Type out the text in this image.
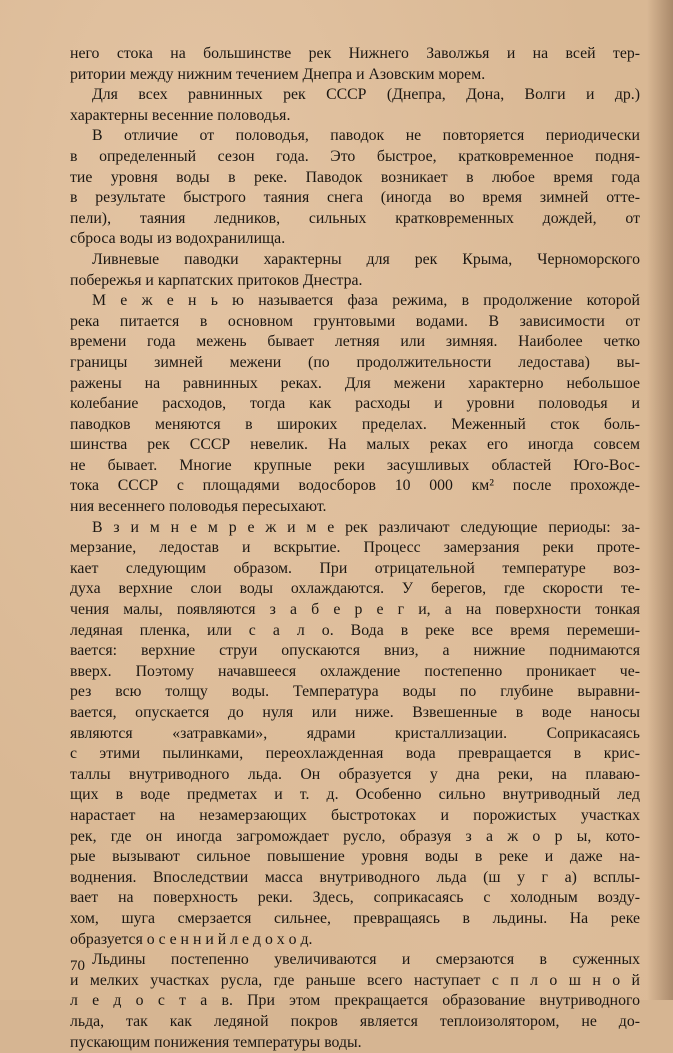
него стока на большинстве рек Нижнего Заволжья и на всей тер-
ритории между нижним течением Днепра и Азовским морем.
Для всех равнинных рек СССР (Днепра, Дона, Волги и др.)
характерны весенние половодья.
В отличие от половодья, паводок не повторяется периодически
в определенный сезон года. Это быстрое, кратковременное подня-
тие уровня воды в реке. Паводок возникает в любое время года
в результате быстрого таяния снега (иногда во время зимней отте-
пели), таяния ледников, сильных кратковременных дождей, от
сброса воды из водохранилища.
Ливневые паводки характерны для рек Крыма, Черноморского
побережья и карпатских притоков Днестра.
М е ж е н ь ю называется фаза режима, в продолжение которой
река питается в основном грунтовыми водами. В зависимости от
времени года межень бывает летняя или зимняя. Наиболее четко
границы зимней межени (по продолжительности ледостава) вы-
ражены на равнинных реках. Для межени характерно небольшое
колебание расходов, тогда как расходы и уровни половодья и
паводков меняются в широких пределах. Меженный сток боль-
шинства рек СССР невелик. На малых реках его иногда совсем
не бывает. Многие крупные реки засушливых областей Юго-Вос-
тока СССР с площадями водосборов 10 000 км² после прохожде-
ния весеннего половодья пересыхают.
В з и м н е м р е ж и м е рек различают следующие периоды: за-
мерзание, ледостав и вскрытие. Процесс замерзания реки проте-
кает следующим образом. При отрицательной температуре воз-
духа верхние слои воды охлаждаются. У берегов, где скорости те-
чения малы, появляются з а б е р е г и, а на поверхности тонкая
ледяная пленка, или с а л о. Вода в реке все время перемеши-
вается: верхние струи опускаются вниз, а нижние поднимаются
вверх. Поэтому начавшееся охлаждение постепенно проникает че-
рез всю толщу воды. Температура воды по глубине выравни-
вается, опускается до нуля или ниже. Взвешенные в воде наносы
являются «затравками», ядрами кристаллизации. Соприкасаясь
с этими пылинками, переохлажденная вода превращается в крис-
таллы внутриводного льда. Он образуется у дна реки, на плаваю-
щих в воде предметах и т. д. Особенно сильно внутриводный лед
нарастает на незамерзающих быстротоках и порожистых участках
рек, где он иногда загромождает русло, образуя з а ж о р ы, кото-
рые вызывают сильное повышение уровня воды в реке и даже на-
воднения. Впоследствии масса внутриводного льда (ш у г а) всплы-
вает на поверхность реки. Здесь, соприкасаясь с холодным возду-
хом, шуга смерзается сильнее, превращаясь в льдины. На реке
образуется о с е н н и й л е д о х о д.
Льдины постепенно увеличиваются и смерзаются в суженных
и мелких участках русла, где раньше всего наступает с п л о ш н о й
л е д о с т а в. При этом прекращается образование внутриводного
льда, так как ледяной покров является теплоизолятором, не до-
пускающим понижения температуры воды.
70
